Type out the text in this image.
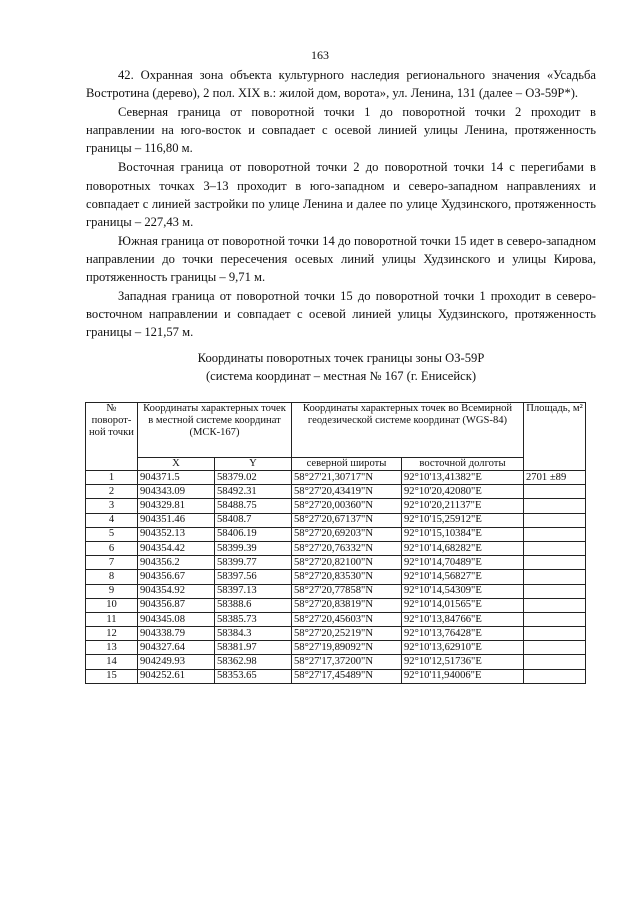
163

42. Охранная зона объекта культурного наследия регионального значения «Усадьба Востротина (дерево), 2 пол. XIX в.: жилой дом, ворота», ул. Ленина, 131 (далее – ОЗ-59Р*).

Северная граница от поворотной точки 1 до поворотной точки 2 проходит в направлении на юго-восток и совпадает с осевой линией улицы Ленина, протяженность границы – 116,80 м.

Восточная граница от поворотной точки 2 до поворотной точки 14 с перегибами в поворотных точках 3–13 проходит в юго-западном и северо-западном направлениях и совпадает с линией застройки по улице Ленина и далее по улице Худзинского, протяженность границы – 227,43 м.

Южная граница от поворотной точки 14 до поворотной точки 15 идет в северо-западном направлении до точки пересечения осевых линий улицы Худзинского и улицы Кирова, протяженность границы – 9,71 м.

Западная граница от поворотной точки 15 до поворотной точки 1 проходит в северо-восточном направлении и совпадает с осевой линией улицы Худзинского, протяженность границы – 121,57 м.

Координаты поворотных точек границы зоны ОЗ-59Р
(система координат – местная № 167 (г. Енисейск)
№ поворот-ной точки	Координаты характерных точек в местной системе координат (МСК-167)		Координаты характерных точек во Всемирной геодезической системе координат (WGS-84)		Площадь, м²
	X	Y	северной широты	восточной долготы	
1	904371.5	58379.02	58°27'21,30717"N	92°10'13,41382"E	2701 ±89
2	904343.09	58492.31	58°27'20,43419"N	92°10'20,42080"E	
3	904329.81	58488.75	58°27'20,00360"N	92°10'20,21137"E	
4	904351.46	58408.7	58°27'20,67137"N	92°10'15,25912"E	
5	904352.13	58406.19	58°27'20,69203"N	92°10'15,10384"E	
6	904354.42	58399.39	58°27'20,76332"N	92°10'14,68282"E	
7	904356.2	58399.77	58°27'20,82100"N	92°10'14,70489"E	
8	904356.67	58397.56	58°27'20,83530"N	92°10'14,56827"E	
9	904354.92	58397.13	58°27'20,77858"N	92°10'14,54309"E	
10	904356.87	58388.6	58°27'20,83819"N	92°10'14,01565"E	
11	904345.08	58385.73	58°27'20,45603"N	92°10'13,84766"E	
12	904338.79	58384.3	58°27'20,25219"N	92°10'13,76428"E	
13	904327.64	58381.97	58°27'19,89092"N	92°10'13,62910"E	
14	904249.93	58362.98	58°27'17,37200"N	92°10'12,51736"E	
15	904252.61	58353.65	58°27'17,45489"N	92°10'11,94006"E	
